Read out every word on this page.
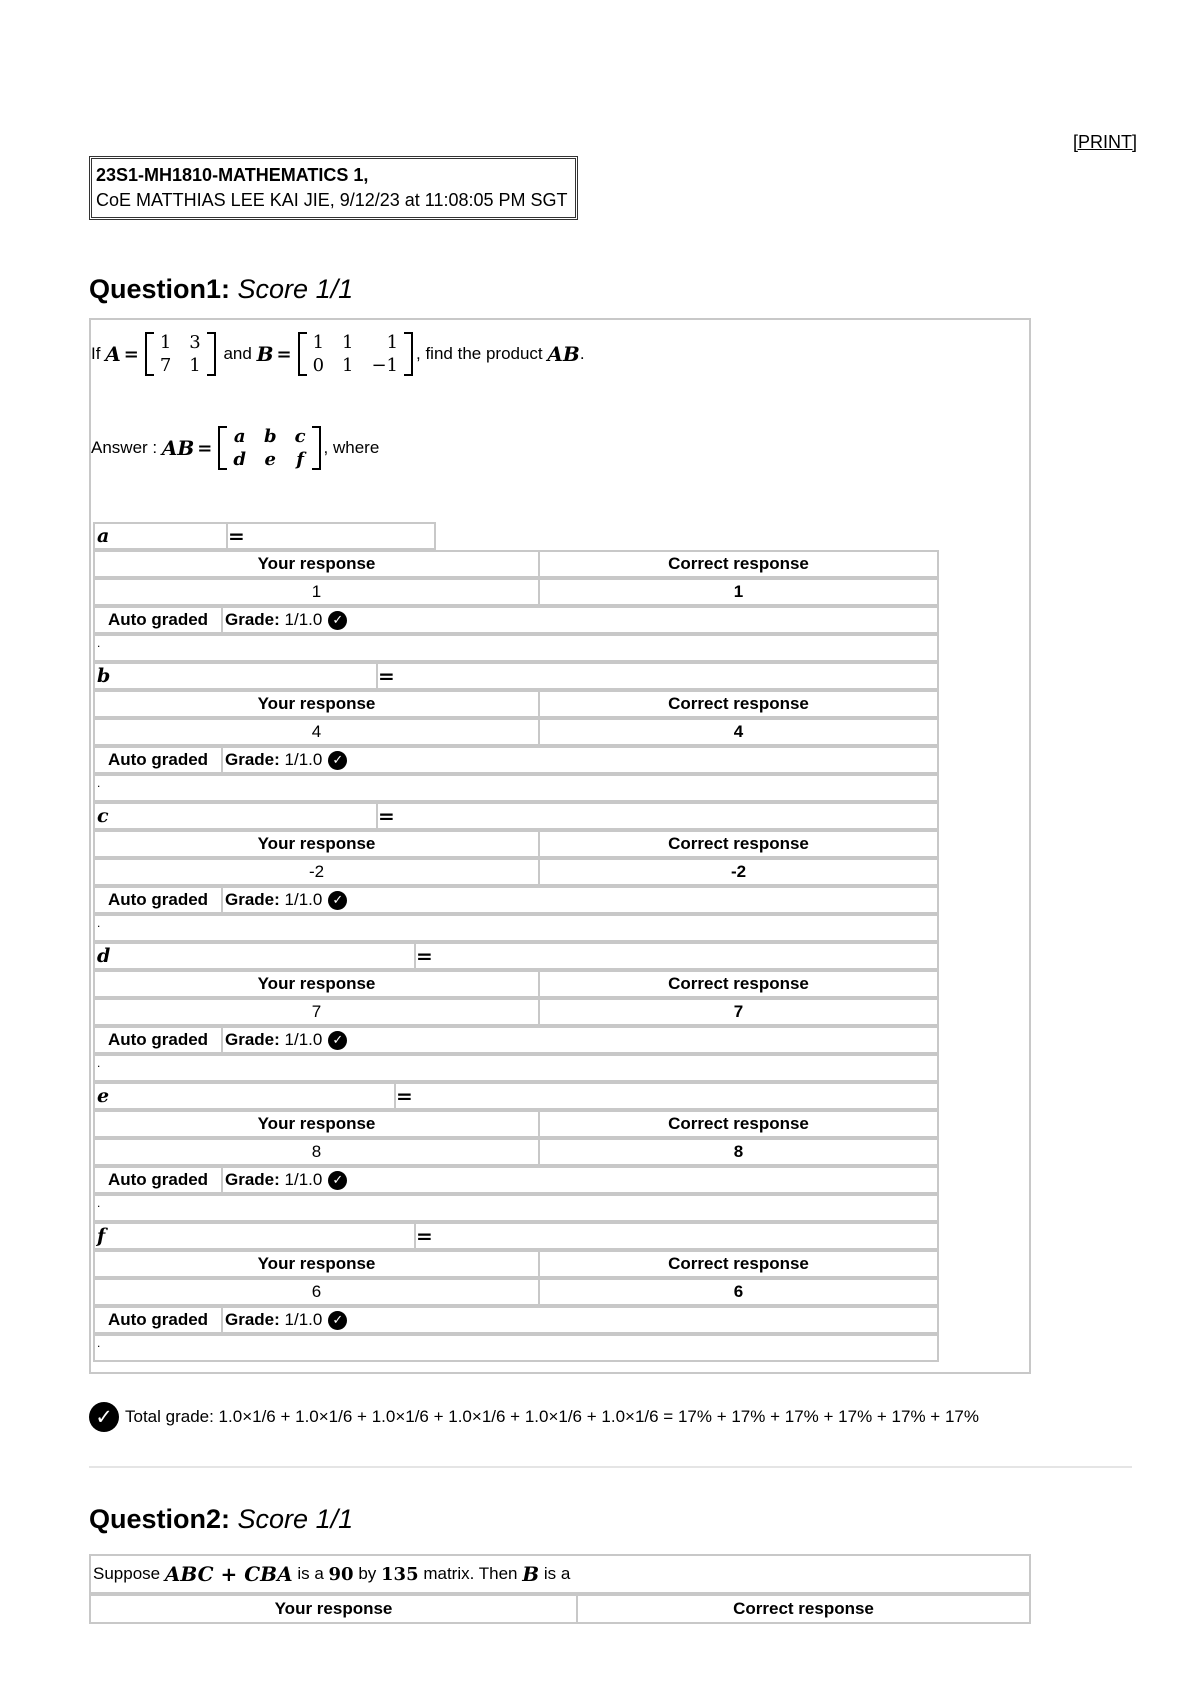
[PRINT]
23S1-MH1810-MATHEMATICS 1,
CoE MATTHIAS LEE KAI JIE, 9/12/23 at 11:08:05 PM SGT
Question1: Score 1/1
If
A =
1 3
7 1

and
B =
1 1	1
0 1 −1
, find the product
AB .
Answer :
AB =
a b c
d e f
, where
a	=
Your response	Correct response
1	1
Auto graded Grade:
1/1.0 ✓
.
b	=
Your response	Correct response
4	4
Auto graded Grade:
1/1.0 ✓
.
c	=
Your response	Correct response
-2	-2
Auto graded Grade:
1/1.0 ✓
.
d	=
Your response	Correct response
7	7
Auto graded Grade:
1/1.0 ✓
.
e	=
Your response	Correct response
8	8
Auto graded Grade:
1/1.0 ✓
.
f	=
Your response	Correct response
6	6
Auto graded Grade:
1/1.0 ✓
.
✓ Total grade: 1.0×1/6 + 1.0×1/6 + 1.0×1/6 + 1.0×1/6 + 1.0×1/6 + 1.0×1/6 = 17% + 17% + 17% + 17% + 17% + 17%
Question2: Score 1/1
Suppose
ABC + CBA
is a
90
by
135
matrix. Then
B
is a
Your response	Correct response
